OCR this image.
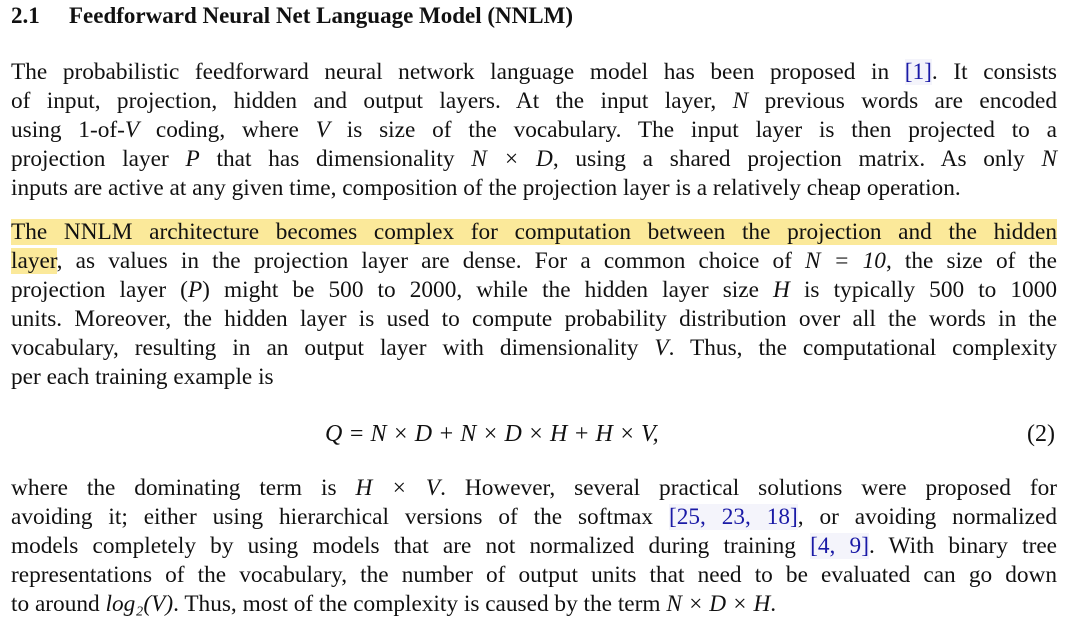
2.1 Feedforward Neural Net Language Model (NNLM)
The probabilistic feedforward neural network language model has been proposed in [1]. It consists
of input, projection, hidden and output layers. At the input layer, N previous words are encoded
using 1-of-V coding, where V is size of the vocabulary. The input layer is then projected to a
projection layer P that has dimensionality N × D, using a shared projection matrix. As only N
inputs are active at any given time, composition of the projection layer is a relatively cheap operation.
The NNLM architecture becomes complex for computation between the projection and the hidden
layer, as values in the projection layer are dense. For a common choice of N = 10, the size of the
projection layer (P) might be 500 to 2000, while the hidden layer size H is typically 500 to 1000
units. Moreover, the hidden layer is used to compute probability distribution over all the words in the
vocabulary, resulting in an output layer with dimensionality V. Thus, the computational complexity
per each training example is
Q = N × D + N × D × H + H × V,	(2)
where the dominating term is H × V. However, several practical solutions were proposed for
avoiding it; either using hierarchical versions of the softmax [25, 23, 18], or avoiding normalized
models completely by using models that are not normalized during training [4, 9]. With binary tree
representations of the vocabulary, the number of output units that need to be evaluated can go down
to around log₂(V). Thus, most of the complexity is caused by the term N × D × H.
